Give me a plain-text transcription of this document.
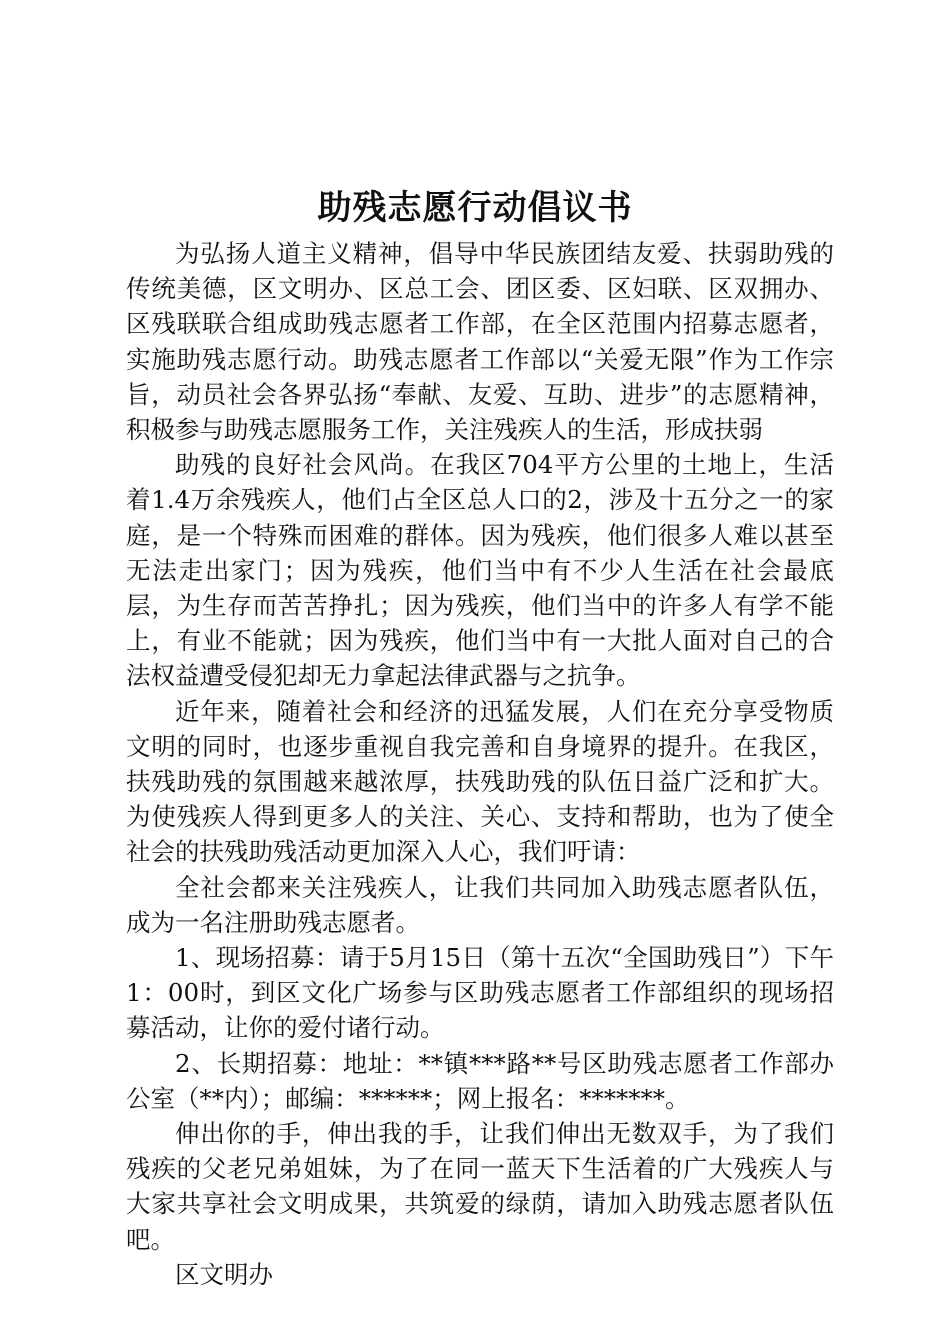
助残志愿行动倡议书

为弘扬人道主义精神，倡导中华民族团结友爱、扶弱助残的传统美德，区文明办、区总工会、团区委、区妇联、区双拥办、区残联联合组成助残志愿者工作部，在全区范围内招募志愿者，实施助残志愿行动。助残志愿者工作部以“关爱无限”作为工作宗旨，动员社会各界弘扬“奉献、友爱、互助、进步”的志愿精神，积极参与助残志愿服务工作，关注残疾人的生活，形成扶弱

助残的良好社会风尚。在我区704平方公里的土地上，生活着1.4万余残疾人，他们占全区总人口的2，涉及十五分之一的家庭，是一个特殊而困难的群体。因为残疾，他们很多人难以甚至无法走出家门；因为残疾，他们当中有不少人生活在社会最底层，为生存而苦苦挣扎；因为残疾，他们当中的许多人有学不能上，有业不能就；因为残疾，他们当中有一大批人面对自己的合法权益遭受侵犯却无力拿起法律武器与之抗争。

近年来，随着社会和经济的迅猛发展，人们在充分享受物质文明的同时，也逐步重视自我完善和自身境界的提升。在我区，扶残助残的氛围越来越浓厚，扶残助残的队伍日益广泛和扩大。为使残疾人得到更多人的关注、关心、支持和帮助，也为了使全社会的扶残助残活动更加深入人心，我们吁请：

全社会都来关注残疾人，让我们共同加入助残志愿者队伍，成为一名注册助残志愿者。

1、现场招募：请于5月15日（第十五次“全国助残日”）下午1：00时，到区文化广场参与区助残志愿者工作部组织的现场招募活动，让你的爱付诸行动。

2、长期招募：地址：**镇***路**号区助残志愿者工作部办公室（**内）；邮编：******；网上报名：*******。

伸出你的手，伸出我的手，让我们伸出无数双手，为了我们残疾的父老兄弟姐妹，为了在同一蓝天下生活着的广大残疾人与大家共享社会文明成果，共筑爱的绿荫，请加入助残志愿者队伍吧。

区文明办
